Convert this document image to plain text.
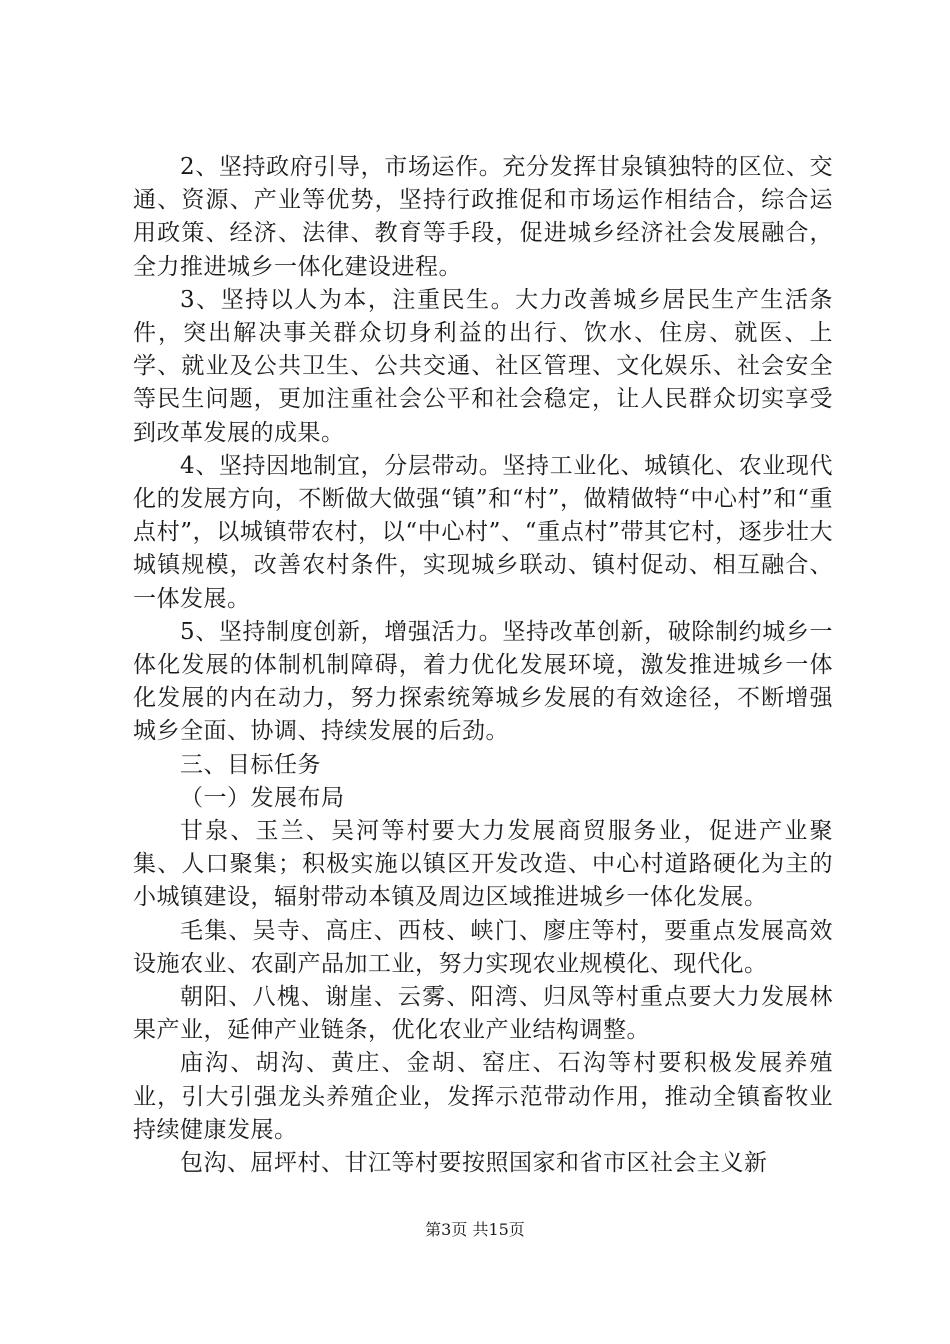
2、坚持政府引导，市场运作。充分发挥甘泉镇独特的区位、交通、资源、产业等优势，坚持行政推促和市场运作相结合，综合运用政策、经济、法律、教育等手段，促进城乡经济社会发展融合，全力推进城乡一体化建设进程。

3、坚持以人为本，注重民生。大力改善城乡居民生产生活条件，突出解决事关群众切身利益的出行、饮水、住房、就医、上学、就业及公共卫生、公共交通、社区管理、文化娱乐、社会安全等民生问题，更加注重社会公平和社会稳定，让人民群众切实享受到改革发展的成果。

4、坚持因地制宜，分层带动。坚持工业化、城镇化、农业现代化的发展方向，不断做大做强“镇”和“村”，做精做特“中心村”和“重点村”，以城镇带农村，以“中心村”、“重点村”带其它村，逐步壮大城镇规模，改善农村条件，实现城乡联动、镇村促动、相互融合、一体发展。

5、坚持制度创新，增强活力。坚持改革创新，破除制约城乡一体化发展的体制机制障碍，着力优化发展环境，激发推进城乡一体化发展的内在动力，努力探索统筹城乡发展的有效途径，不断增强城乡全面、协调、持续发展的后劲。

三、目标任务

（一）发展布局

甘泉、玉兰、吴河等村要大力发展商贸服务业，促进产业聚集、人口聚集；积极实施以镇区开发改造、中心村道路硬化为主的小城镇建设，辐射带动本镇及周边区域推进城乡一体化发展。

毛集、吴寺、高庄、西枝、峡门、廖庄等村，要重点发展高效设施农业、农副产品加工业，努力实现农业规模化、现代化。

朝阳、八槐、谢崖、云雾、阳湾、归凤等村重点要大力发展林果产业，延伸产业链条，优化农业产业结构调整。

庙沟、胡沟、黄庄、金胡、窑庄、石沟等村要积极发展养殖业，引大引强龙头养殖企业，发挥示范带动作用，推动全镇畜牧业持续健康发展。

包沟、屈坪村、甘江等村要按照国家和省市区社会主义新

第3页 共15页
